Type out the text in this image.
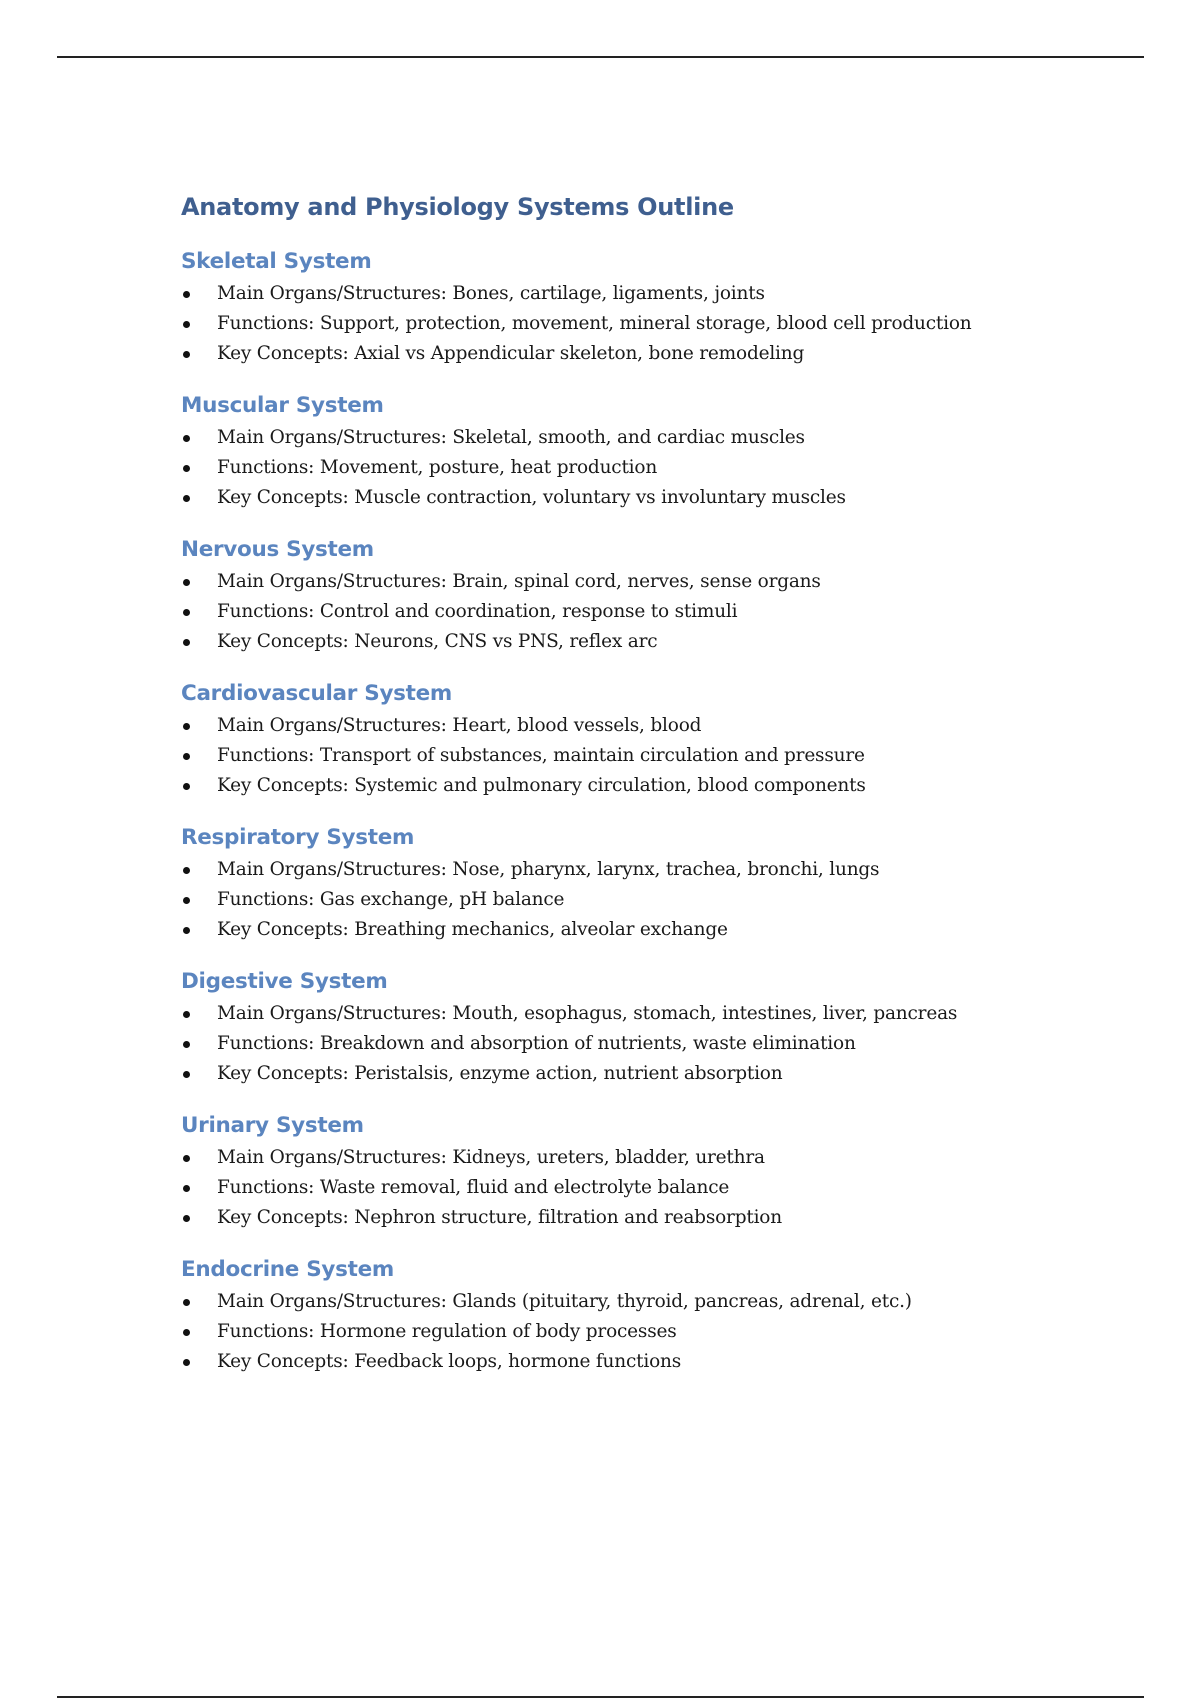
Anatomy and Physiology Systems Outline
Skeletal System
Main Organs/Structures: Bones, cartilage, ligaments, joints
Functions: Support, protection, movement, mineral storage, blood cell production
Key Concepts: Axial vs Appendicular skeleton, bone remodeling
Muscular System
Main Organs/Structures: Skeletal, smooth, and cardiac muscles
Functions: Movement, posture, heat production
Key Concepts: Muscle contraction, voluntary vs involuntary muscles
Nervous System
Main Organs/Structures: Brain, spinal cord, nerves, sense organs
Functions: Control and coordination, response to stimuli
Key Concepts: Neurons, CNS vs PNS, reflex arc
Cardiovascular System
Main Organs/Structures: Heart, blood vessels, blood
Functions: Transport of substances, maintain circulation and pressure
Key Concepts: Systemic and pulmonary circulation, blood components
Respiratory System
Main Organs/Structures: Nose, pharynx, larynx, trachea, bronchi, lungs
Functions: Gas exchange, pH balance
Key Concepts: Breathing mechanics, alveolar exchange
Digestive System
Main Organs/Structures: Mouth, esophagus, stomach, intestines, liver, pancreas
Functions: Breakdown and absorption of nutrients, waste elimination
Key Concepts: Peristalsis, enzyme action, nutrient absorption
Urinary System
Main Organs/Structures: Kidneys, ureters, bladder, urethra
Functions: Waste removal, fluid and electrolyte balance
Key Concepts: Nephron structure, filtration and reabsorption
Endocrine System
Main Organs/Structures: Glands (pituitary, thyroid, pancreas, adrenal, etc.)
Functions: Hormone regulation of body processes
Key Concepts: Feedback loops, hormone functions
